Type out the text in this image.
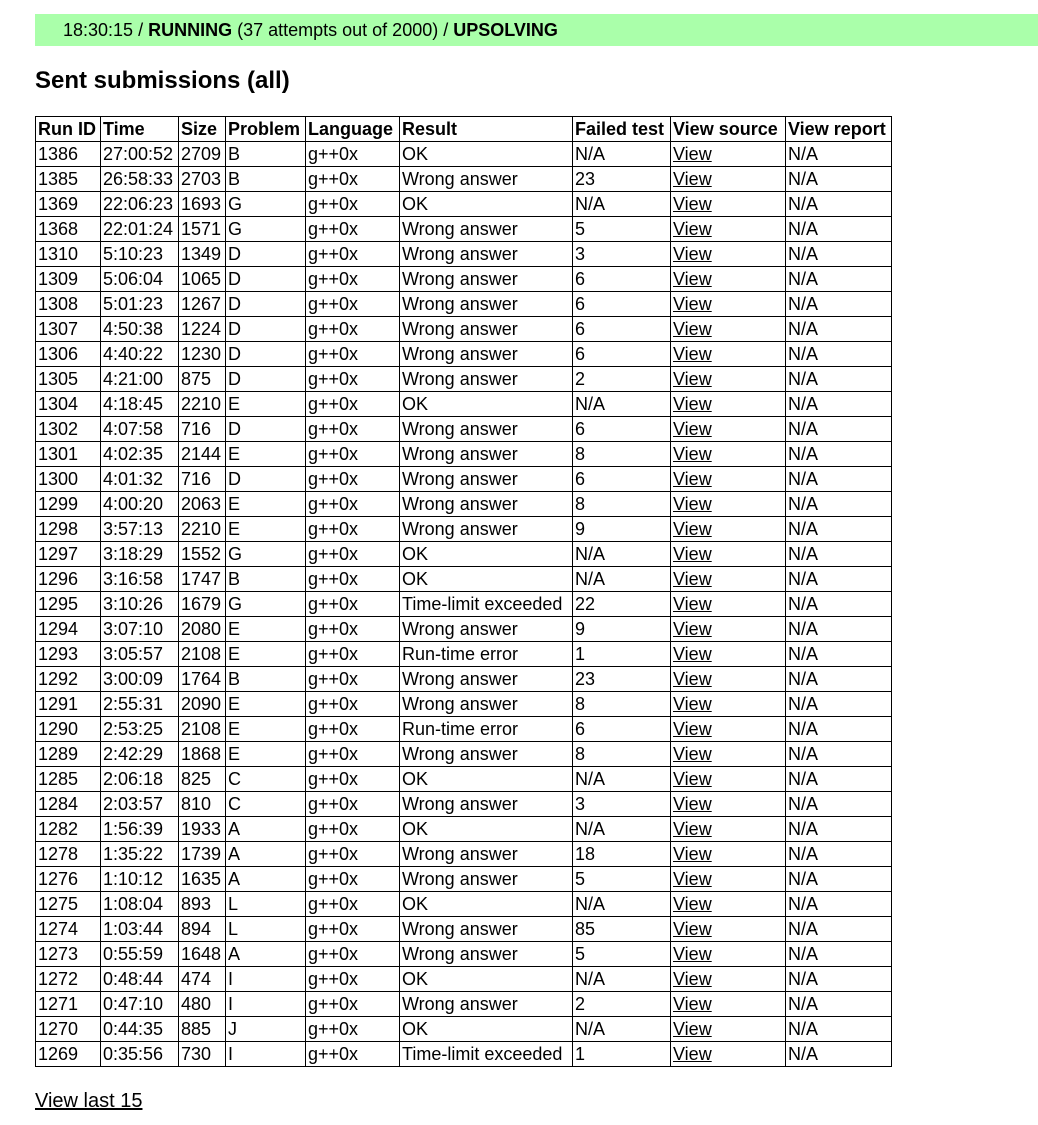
18:30:15 / RUNNING (37 attempts out of 2000) / UPSOLVING
Sent submissions (all)
Run ID	Time	Size	Problem	Language	Result	Failed test	View source	View report
1386	27:00:52	2709	B	g++0x	OK	N/A	View	N/A
1385	26:58:33	2703	B	g++0x	Wrong answer	23	View	N/A
1369	22:06:23	1693	G	g++0x	OK	N/A	View	N/A
1368	22:01:24	1571	G	g++0x	Wrong answer	5	View	N/A
1310	5:10:23	1349	D	g++0x	Wrong answer	3	View	N/A
1309	5:06:04	1065	D	g++0x	Wrong answer	6	View	N/A
1308	5:01:23	1267	D	g++0x	Wrong answer	6	View	N/A
1307	4:50:38	1224	D	g++0x	Wrong answer	6	View	N/A
1306	4:40:22	1230	D	g++0x	Wrong answer	6	View	N/A
1305	4:21:00	875	D	g++0x	Wrong answer	2	View	N/A
1304	4:18:45	2210	E	g++0x	OK	N/A	View	N/A
1302	4:07:58	716	D	g++0x	Wrong answer	6	View	N/A
1301	4:02:35	2144	E	g++0x	Wrong answer	8	View	N/A
1300	4:01:32	716	D	g++0x	Wrong answer	6	View	N/A
1299	4:00:20	2063	E	g++0x	Wrong answer	8	View	N/A
1298	3:57:13	2210	E	g++0x	Wrong answer	9	View	N/A
1297	3:18:29	1552	G	g++0x	OK	N/A	View	N/A
1296	3:16:58	1747	B	g++0x	OK	N/A	View	N/A
1295	3:10:26	1679	G	g++0x	Time-limit exceeded	22	View	N/A
1294	3:07:10	2080	E	g++0x	Wrong answer	9	View	N/A
1293	3:05:57	2108	E	g++0x	Run-time error	1	View	N/A
1292	3:00:09	1764	B	g++0x	Wrong answer	23	View	N/A
1291	2:55:31	2090	E	g++0x	Wrong answer	8	View	N/A
1290	2:53:25	2108	E	g++0x	Run-time error	6	View	N/A
1289	2:42:29	1868	E	g++0x	Wrong answer	8	View	N/A
1285	2:06:18	825	C	g++0x	OK	N/A	View	N/A
1284	2:03:57	810	C	g++0x	Wrong answer	3	View	N/A
1282	1:56:39	1933	A	g++0x	OK	N/A	View	N/A
1278	1:35:22	1739	A	g++0x	Wrong answer	18	View	N/A
1276	1:10:12	1635	A	g++0x	Wrong answer	5	View	N/A
1275	1:08:04	893	L	g++0x	OK	N/A	View	N/A
1274	1:03:44	894	L	g++0x	Wrong answer	85	View	N/A
1273	0:55:59	1648	A	g++0x	Wrong answer	5	View	N/A
1272	0:48:44	474	I	g++0x	OK	N/A	View	N/A
1271	0:47:10	480	I	g++0x	Wrong answer	2	View	N/A
1270	0:44:35	885	J	g++0x	OK	N/A	View	N/A
1269	0:35:56	730	I	g++0x	Time-limit exceeded	1	View	N/A
View last 15
